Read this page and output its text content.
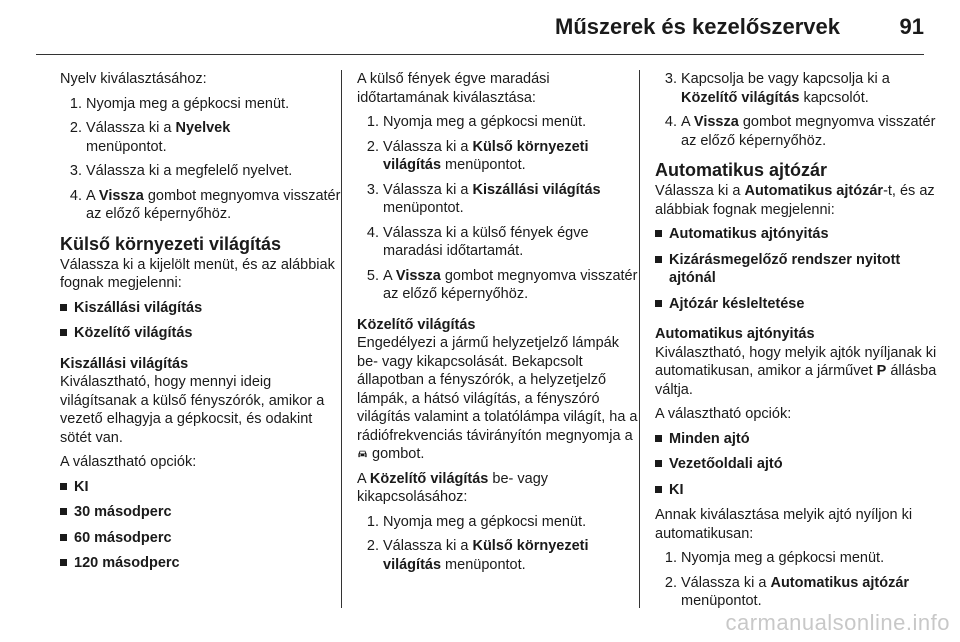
Műszerek és kezelőszervek	91

Nyelv kiválasztásához:

1. Nyomja meg a gépkocsi menüt.
2. Válassza ki a Nyelvek
menüpontot.
3. Válassza ki a megfelelő nyelvet.
4. A Vissza gombot megnyomva visszatér az előző képernyőhöz.
Külső környezeti világítás

Válassza ki a kijelölt menüt, és az alábbiak fognak megjelenni:

Kiszállási világítás
Közelítő világítás
Kiszállási világítás

Kiválasztható, hogy mennyi ideig világítsanak a külső fényszórók, amikor a vezető elhagyja a gépkocsit, és odakint sötét van.

A választható opciók:

KI
30 másodperc
60 másodperc
120 másodperc

A külső fények égve maradási időtartamának kiválasztása:

1. Nyomja meg a gépkocsi menüt.
2. Válassza ki a Külső környezeti világítás menüpontot.
3. Válassza ki a Kiszállási világítás menüpontot.
4. Válassza ki a külső fények égve maradási időtartamát.
5. A Vissza gombot megnyomva visszatér az előző képernyőhöz.
Közelítő világítás

Engedélyezi a jármű helyzetjelző lámpák be- vagy kikapcsolását. Bekapcsolt állapotban a fényszórók, a helyzetjelző lámpák, a hátsó világítás, a fényszóró világítás valamint a tolatólámpa világít, ha a rádiófrekvenciás távirányítón megnyomja a  gombot.

A Közelítő világítás be- vagy kikapcsolásához:

1. Nyomja meg a gépkocsi menüt.
2. Válassza ki a Külső környezeti világítás menüpontot.
3. Kapcsolja be vagy kapcsolja ki a Közelítő világítás kapcsolót.
4. A Vissza gombot megnyomva visszatér az előző képernyőhöz.
Automatikus ajtózár

Válassza ki a Automatikus ajtózár-t, és az alábbiak fognak megjelenni:

Automatikus ajtónyitás
Kizárásmegelőző rendszer nyitott ajtónál
Ajtózár késleltetése
Automatikus ajtónyitás

Kiválasztható, hogy melyik ajtók nyíljanak ki automatikusan, amikor a járművet P állásba váltja.

A választható opciók:

Minden ajtó
Vezetőoldali ajtó
KI

Annak kiválasztása melyik ajtó nyíljon ki automatikusan:

1. Nyomja meg a gépkocsi menüt.
2. Válassza ki a Automatikus ajtózár
menüpontot.
carmanualsonline.info
